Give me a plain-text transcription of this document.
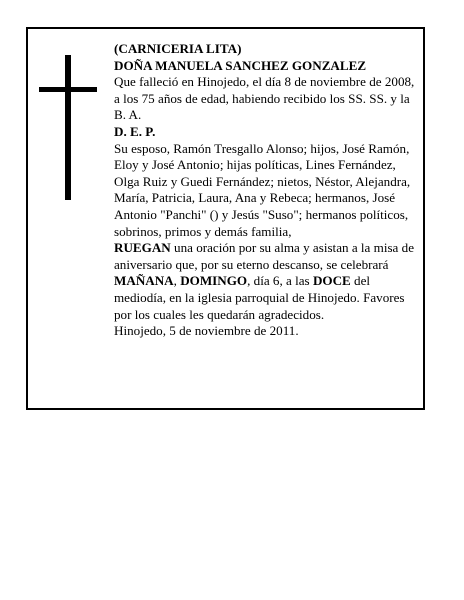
(CARNICERIA LITA)
DOÑA MANUELA SANCHEZ GONZALEZ
Que falleció en Hinojedo, el día 8 de noviembre de 2008, a los 75 años de edad, habiendo recibido los SS. SS. y la B. A.
D. E. P.
Su esposo, Ramón Tresgallo Alonso; hijos, José Ramón, Eloy y José Antonio; hijas políticas, Lines Fernández, Olga Ruiz y Guedi Fernández; nietos, Néstor, Alejandra, María, Patricia, Laura, Ana y Rebeca; hermanos, José Antonio "Panchi" () y Jesús "Suso"; hermanos políticos, sobrinos, primos y demás familia,
RUEGAN una oración por su alma y asistan a la misa de aniversario que, por su eterno descanso, se celebrará MAÑANA, DOMINGO, día 6, a las DOCE del mediodía, en la iglesia parroquial de Hinojedo. Favores por los cuales les quedarán agradecidos.
Hinojedo, 5 de noviembre de 2011.
